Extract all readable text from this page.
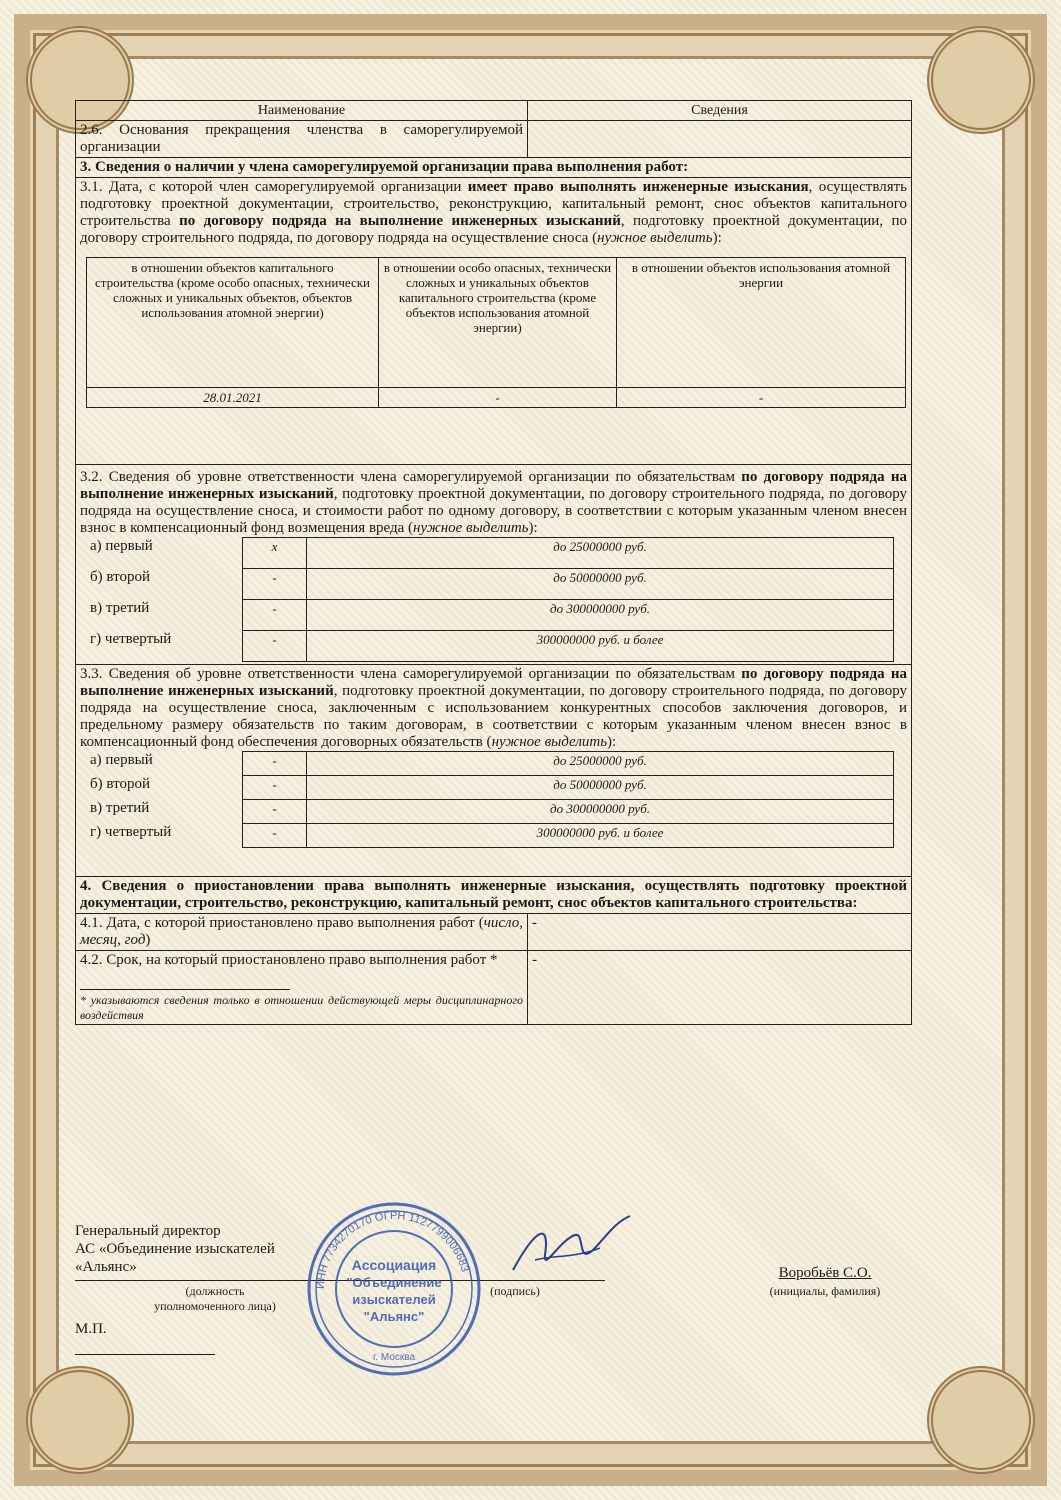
Наименование	Сведения
2.6. Основания прекращения членства в саморегулируемой организации	
3. Сведения о наличии у члена саморегулируемой организации права выполнения работ:

3.1. Дата, с которой член саморегулируемой организации имеет право выполнять инженерные изыскания, осуществлять подготовку проектной документации, строительство, реконструкцию, капитальный ремонт, снос объектов капитального строительства по договору подряда на выполнение инженерных изысканий, подготовку проектной документации, по договору строительного подряда, по договору подряда на осуществление сноса (нужное выделить):
в отношении объектов капитального строительства (кроме особо опасных, технически сложных и уникальных объектов, объектов использования атомной энергии)	в отношении особо опасных, технически сложных и уникальных объектов капитального строительства (кроме объектов использования атомной энергии)	в отношении объектов использования атомной энергии
28.01.2021	-	-

3.2. Сведения об уровне ответственности члена саморегулируемой организации по обязательствам по договору подряда на выполнение инженерных изысканий, подготовку проектной документации, по договору строительного подряда, по договору подряда на осуществление сноса, и стоимости работ по одному договору, в соответствии с которым указанным членом внесен взнос в компенсационный фонд возмещения вреда (нужное выделить):
а) первый	x	до 25000000 руб.
б) второй	-	до 50000000 руб.
в) третий	-	до 300000000 руб.
г) четвертый	-	300000000 руб. и более

3.3. Сведения об уровне ответственности члена саморегулируемой организации по обязательствам по договору подряда на выполнение инженерных изысканий, подготовку проектной документации, по договору строительного подряда, по договору подряда на осуществление сноса, заключенным с использованием конкурентных способов заключения договоров, и предельному размеру обязательств по таким договорам, в соответствии с которым указанным членом внесен взнос в компенсационный фонд обеспечения договорных обязательств (нужное выделить):
а) первый	-	до 25000000 руб.
б) второй	-	до 50000000 руб.
в) третий	-	до 300000000 руб.
г) четвертый	-	300000000 руб. и более

4. Сведения о приостановлении права выполнять инженерные изыскания, осуществлять подготовку проектной документации, строительство, реконструкцию, капитальный ремонт, снос объектов капитального строительства:
4.1. Дата, с которой приостановлено право выполнения работ (число, месяц, год)	-

4.2. Срок, на который приостановлено право выполнения работ *
* указываются сведения только в отношении действующей меры дисциплинарного воздействия
	-
Генеральный директор
АС «Объединение изыскателей
«Альянс»
(должность
уполномоченного лица)
(подпись)
Воробьёв С.О.
(инициалы, фамилия)
М.П.
ИНН 7734270170 ОГРН 1127799006683
Ассоциация
"Объединение
изыскателей
"Альянс"
г. Москва
